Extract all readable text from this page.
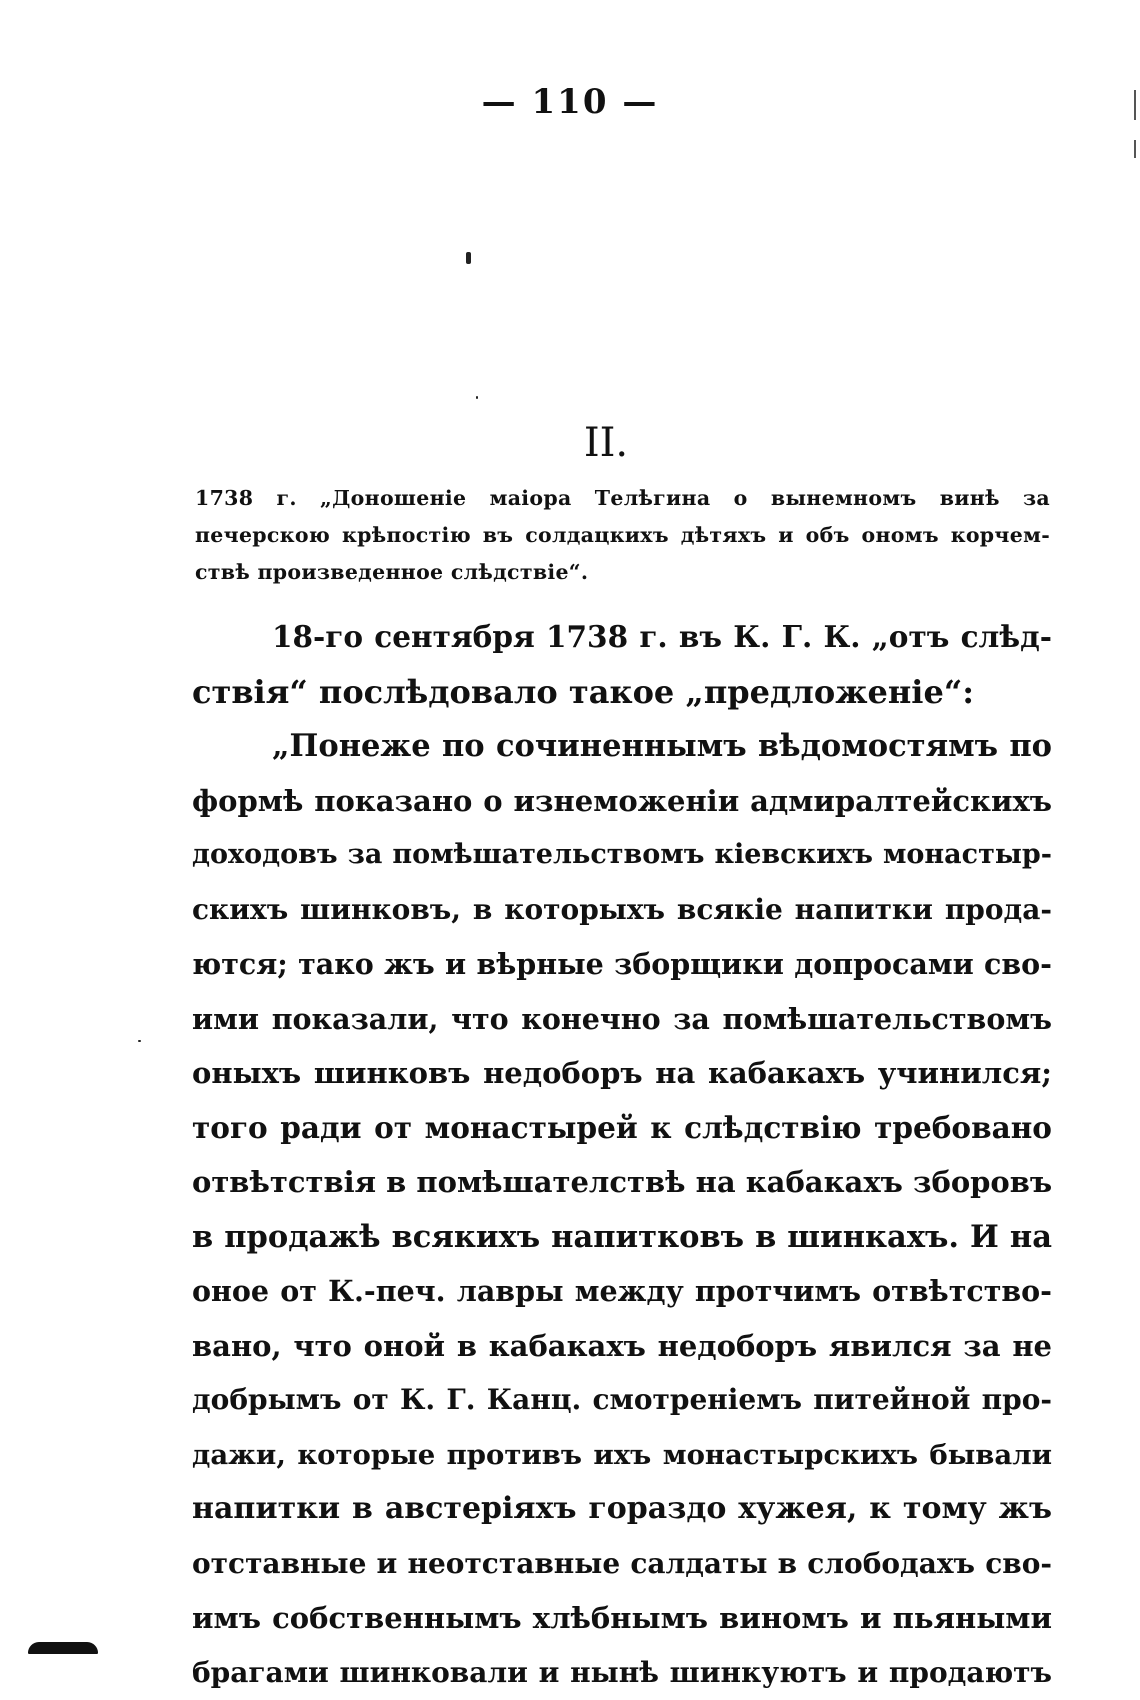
— 110 —
II.
1738 г. „Доношеніе маіора Телѣгина о вынемномъ винѣ за
печерскою крѣпостію въ солдацкихъ дѣтяхъ и объ ономъ корчем-
ствѣ произведенное слѣдствіе“.
18-го сентября 1738 г. въ К. Г. К. „отъ слѣд-
ствія“ послѣдовало такое „предложеніе“:
„Понеже по сочиненнымъ вѣдомостямъ по
формѣ показано о изнеможеніи адмиралтейскихъ
доходовъ за помѣшательствомъ кіевскихъ монастыр-
скихъ шинковъ, в которыхъ всякіе напитки прода-
ются; тако жъ и вѣрные зборщики допросами сво-
ими показали, что конечно за помѣшательствомъ
оныхъ шинковъ недоборъ на кабакахъ учинился;
того ради от монастырей к слѣдствію требовано
отвѣтствія в помѣшателствѣ на кабакахъ зборовъ
в продажѣ всякихъ напитковъ в шинкахъ. И на
оное от К.-печ. лавры между протчимъ отвѣтство-
вано, что оной в кабакахъ недоборъ явился за не
добрымъ от К. Г. Канц. смотреніемъ питейной про-
дажи, которые противъ ихъ монастырскихъ бывали
напитки в австеріяхъ гораздо хужея, к тому жъ
отставные и неотставные салдаты в слободахъ сво-
имъ собственнымъ хлѣбнымъ виномъ и пьяными
брагами шинковали и нынѣ шинкуютъ и продаютъ
